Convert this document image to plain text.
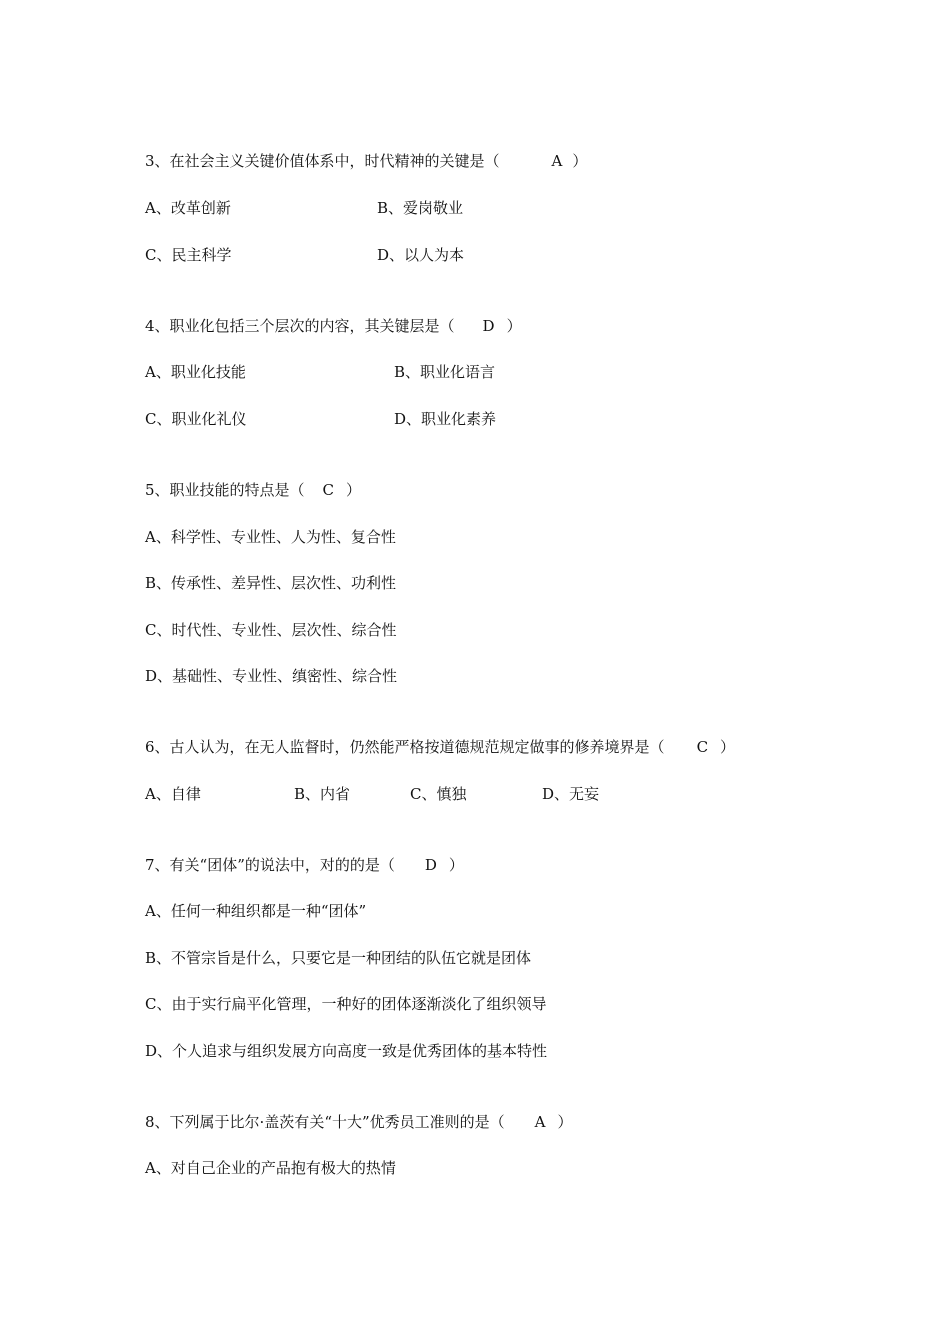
3、在社会主义关键价值体系中，时代精神的关键是（	A ）
A、改革创新	B、爱岗敬业
C、民主科学	D、以人为本
4、职业化包括三个层次的内容，其关键层是（ D ）
A、职业化技能	B、职业化语言
C、职业化礼仪	D、职业化素养
5、职业技能的特点是（ C ）
A、科学性、专业性、人为性、复合性
B、传承性、差异性、层次性、功利性
C、时代性、专业性、层次性、综合性
D、基础性、专业性、缜密性、综合性
6、古人认为，在无人监督时，仍然能严格按道德规范规定做事的修养境界是（ C ）
A、自律	B、内省	C、慎独	D、无妄
7、有关“团体”的说法中，对的的是（ D ）
A、任何一种组织都是一种“团体”
B、不管宗旨是什么，只要它是一种团结的队伍它就是团体
C、由于实行扁平化管理，一种好的团体逐渐淡化了组织领导
D、个人追求与组织发展方向高度一致是优秀团体的基本特性
8、下列属于比尔·盖茨有关“十大”优秀员工准则的是（ A ）
A、对自己企业的产品抱有极大的热情
